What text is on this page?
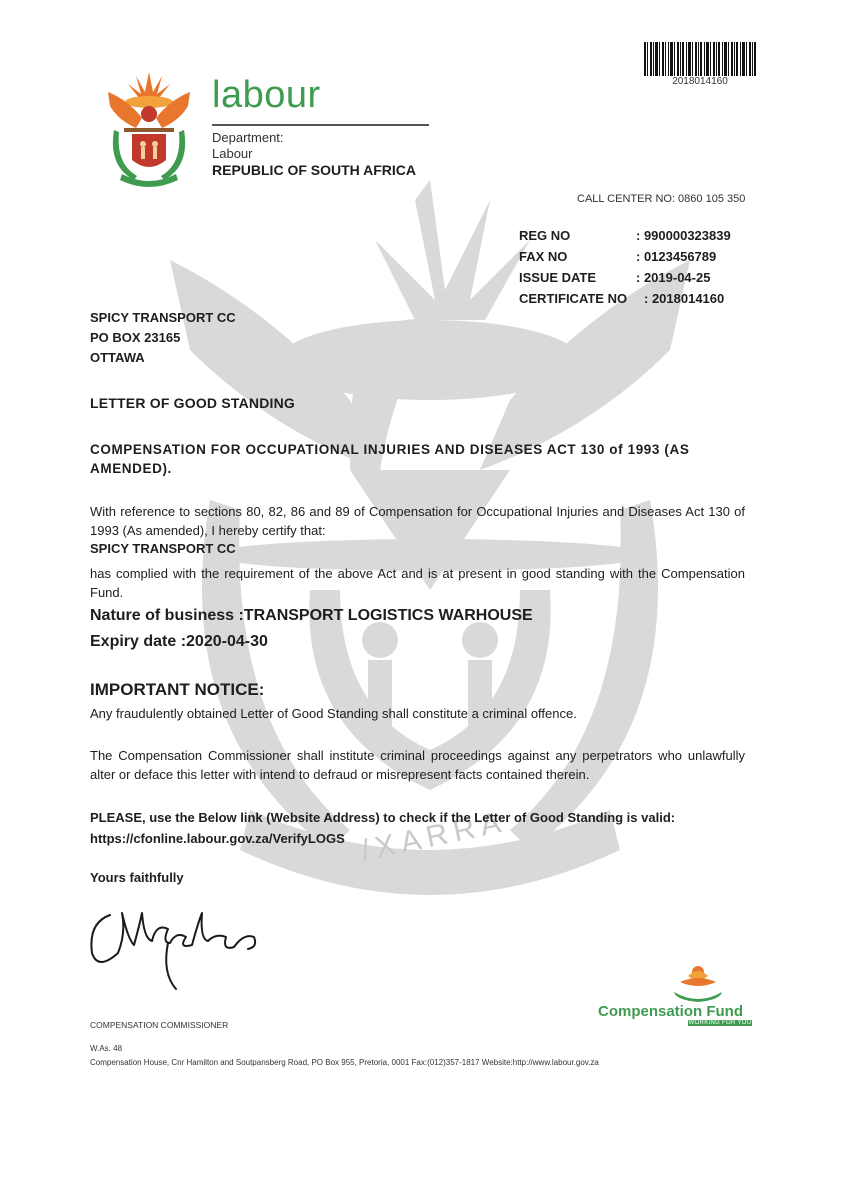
/XARRA
2018014160
labour
Department:
Labour
REPUBLIC OF SOUTH AFRICA
CALL CENTER NO: 0860 105 350
REG NO	: 990000323839
FAX NO	: 0123456789
ISSUE DATE	: 2019-04-25
CERTIFICATE NO : 2018014160
SPICY TRANSPORT CC
PO BOX 23165
OTTAWA
LETTER OF GOOD STANDING
COMPENSATION FOR OCCUPATIONAL INJURIES AND DISEASES ACT 130 of 1993 (AS AMENDED).
With reference to sections 80, 82, 86 and 89 of Compensation for Occupational Injuries and Diseases Act 130 of 1993 (As amended), I hereby certify that:
SPICY TRANSPORT CC
has complied with the requirement of the above Act and is at present in good standing with the Compensation Fund.
Nature of business :TRANSPORT LOGISTICS WARHOUSE
Expiry date :2020-04-30
IMPORTANT NOTICE:
Any fraudulently obtained Letter of Good Standing shall constitute a criminal offence.
The Compensation Commissioner shall institute criminal proceedings against any perpetrators who unlawfully alter or deface this letter with intend to defraud or misrepresent facts contained therein.
PLEASE, use the Below link (Website Address) to check if the Letter of Good Standing is valid:
https://cfonline.labour.gov.za/VerifyLOGS
Yours faithfully
COMPENSATION COMMISSIONER
Compensation Fund
WORKING FOR YOU
W.As. 48
Compensation House, Cnr Hamilton and Soutpansberg Road, PO Box 955, Pretoria, 0001 Fax:(012)357-1817 Website:http://www.labour.gov.za
